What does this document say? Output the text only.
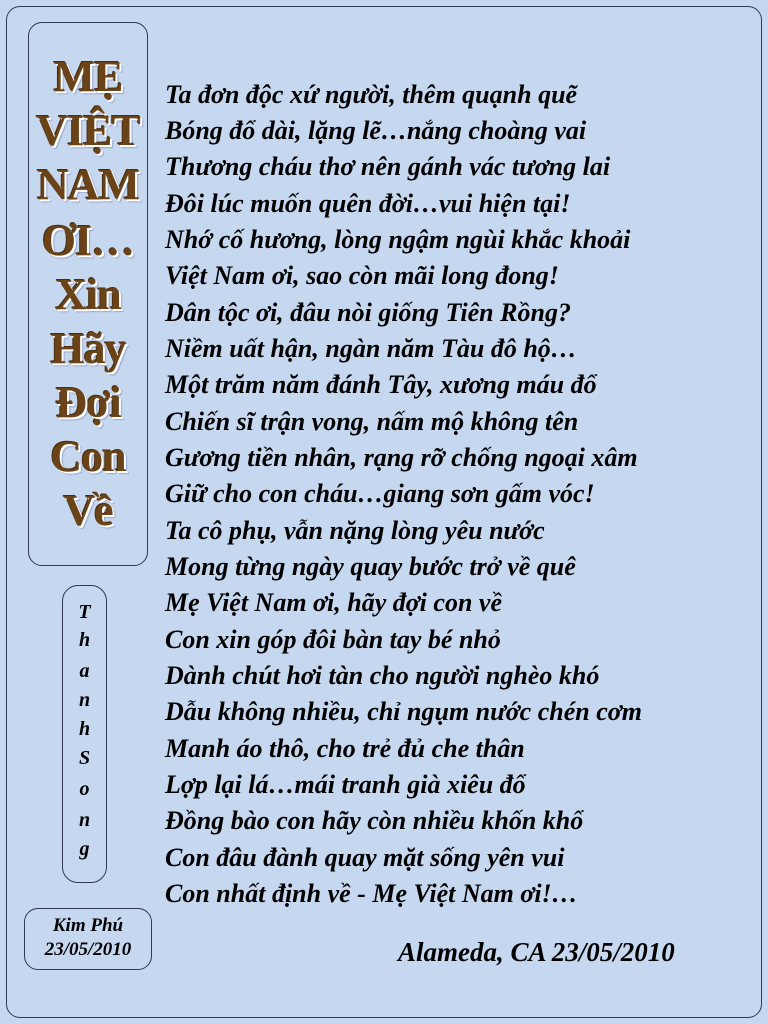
MẸ
VIỆT
NAM
ƠI…
Xin
Hãy
Đợi
Con
Về
T
h
a
n
h
S
o
n
g
Kim Phú
23/05/2010
Ta đơn độc xứ người, thêm quạnh quẽ
Bóng đổ dài, lặng lẽ…nắng choàng vai
Thương cháu thơ nên gánh vác tương lai
Đôi lúc muốn quên đời…vui hiện tại!
Nhớ cố hương, lòng ngậm ngùi khắc khoải
Việt Nam ơi, sao còn mãi long đong!
Dân tộc ơi, đâu nòi giống Tiên Rồng?
Niềm uất hận, ngàn năm Tàu đô hộ…
Một trăm năm đánh Tây, xương máu đổ
Chiến sĩ trận vong, nấm mộ không tên
Gương tiền nhân, rạng rỡ chống ngoại xâm
Giữ cho con cháu…giang sơn gấm vóc!
Ta cô phụ, vẫn nặng lòng yêu nước
Mong từng ngày quay bước trở về quê
Mẹ Việt Nam ơi, hãy đợi con về
Con xin góp đôi bàn tay bé nhỏ
Dành chút hơi tàn cho người nghèo khó
Dẫu không nhiều, chỉ ngụm nước chén cơm
Manh áo thô, cho trẻ đủ che thân
Lợp lại lá…mái tranh già xiêu đổ
Đồng bào con hãy còn nhiều khốn khổ
Con đâu đành quay mặt sống yên vui
Con nhất định về - Mẹ Việt Nam ơi!…
Alameda, CA 23/05/2010
